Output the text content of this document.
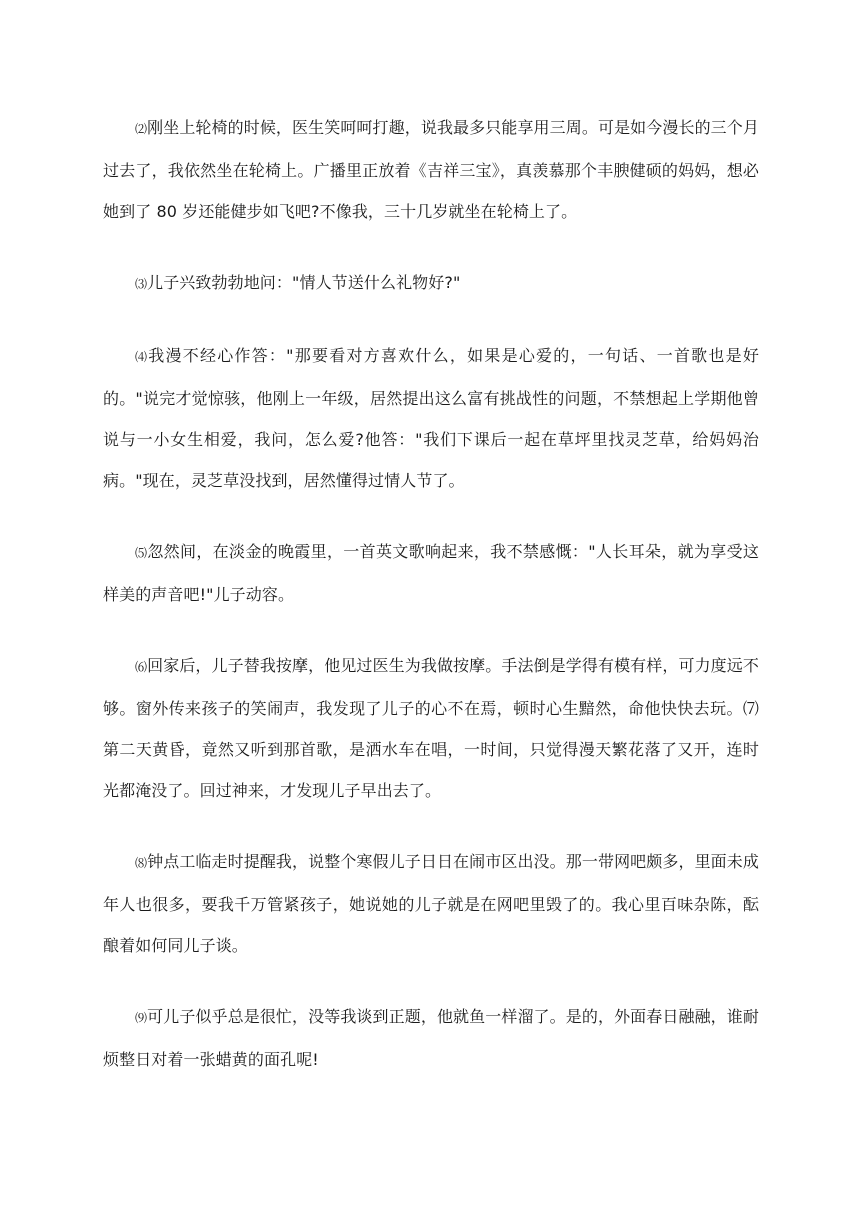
⑵刚坐上轮椅的时候，医生笑呵呵打趣，说我最多只能享用三周。可是如今漫长的三个月过去了，我依然坐在轮椅上。广播里正放着《吉祥三宝》，真羡慕那个丰腴健硕的妈妈，想必她到了 80 岁还能健步如飞吧?不像我，三十几岁就坐在轮椅上了。

⑶儿子兴致勃勃地问："情人节送什么礼物好?"

⑷我漫不经心作答："那要看对方喜欢什么，如果是心爱的，一句话、一首歌也是好的。"说完才觉惊骇，他刚上一年级，居然提出这么富有挑战性的问题，不禁想起上学期他曾说与一小女生相爱，我问，怎么爱?他答："我们下课后一起在草坪里找灵芝草，给妈妈治病。"现在，灵芝草没找到，居然懂得过情人节了。

⑸忽然间，在淡金的晚霞里，一首英文歌响起来，我不禁感慨："人长耳朵，就为享受这样美的声音吧!"儿子动容。

⑹回家后，儿子替我按摩，他见过医生为我做按摩。手法倒是学得有模有样，可力度远不够。窗外传来孩子的笑闹声，我发现了儿子的心不在焉，顿时心生黯然，命他快快去玩。⑺第二天黄昏，竟然又听到那首歌，是洒水车在唱，一时间，只觉得漫天繁花落了又开，连时光都淹没了。回过神来，才发现儿子早出去了。

⑻钟点工临走时提醒我，说整个寒假儿子日日在闹市区出没。那一带网吧颇多，里面未成年人也很多，要我千万管紧孩子，她说她的儿子就是在网吧里毁了的。我心里百味杂陈，酝酿着如何同儿子谈。

⑼可儿子似乎总是很忙，没等我谈到正题，他就鱼一样溜了。是的，外面春日融融，谁耐烦整日对着一张蜡黄的面孔呢!
